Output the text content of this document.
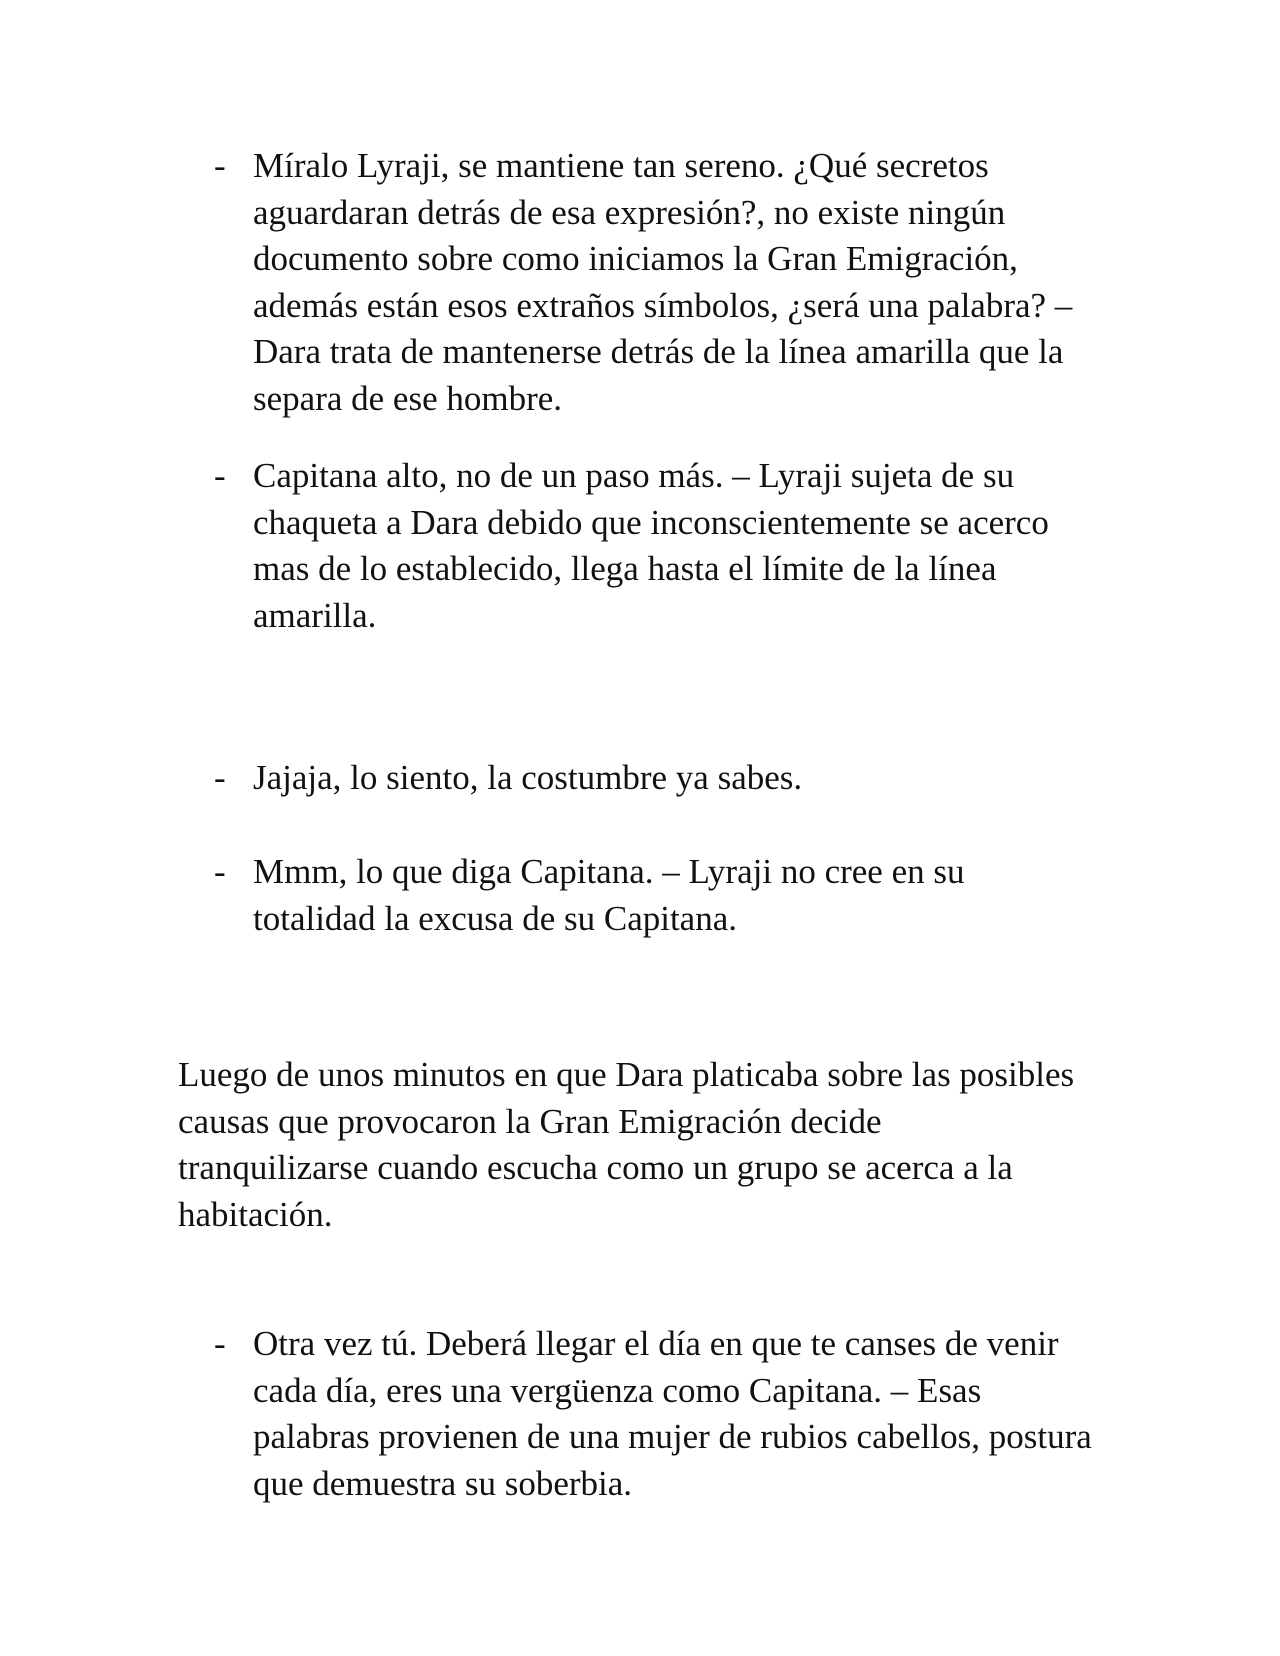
- Míralo Lyraji, se mantiene tan sereno. ¿Qué secretos aguardaran detrás de esa expresión?, no existe ningún documento sobre como iniciamos la Gran Emigración, además están esos extraños símbolos, ¿será una palabra? – Dara trata de mantenerse detrás de la línea amarilla que la separa de ese hombre.
- Capitana alto, no de un paso más. – Lyraji sujeta de su chaqueta a Dara debido que inconscientemente se acerco mas de lo establecido, llega hasta el límite de la línea amarilla.
- Jajaja, lo siento, la costumbre ya sabes.
- Mmm, lo que diga Capitana. – Lyraji no cree en su totalidad la excusa de su Capitana.
Luego de unos minutos en que Dara platicaba sobre las posibles causas que provocaron la Gran Emigración decide tranquilizarse cuando escucha como un grupo se acerca a la habitación.
- Otra vez tú. Deberá llegar el día en que te canses de venir cada día, eres una vergüenza como Capitana. – Esas palabras provienen de una mujer de rubios cabellos, postura que demuestra su soberbia.
